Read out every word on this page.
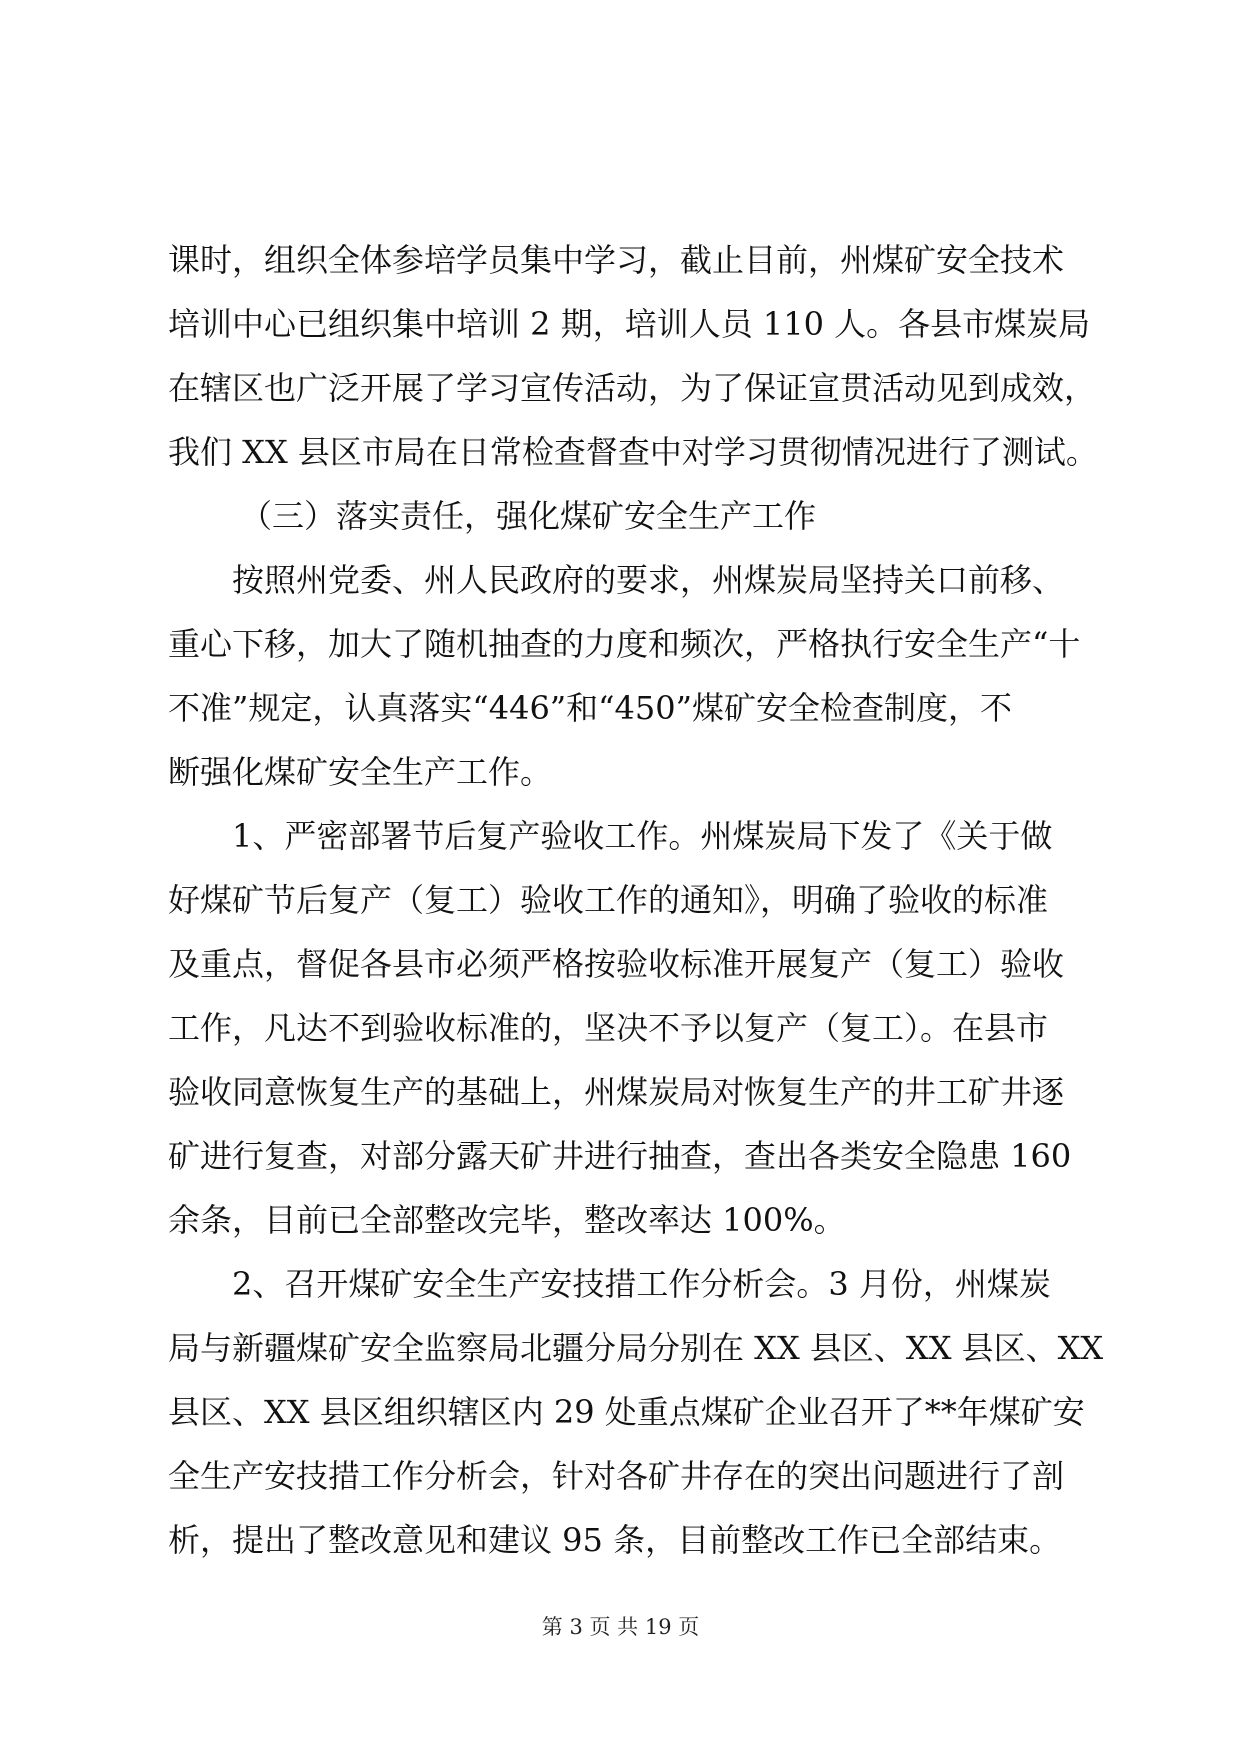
课时，组织全体参培学员集中学习，截止目前，州煤矿安全技术
培训中心已组织集中培训 2 期，培训人员 110 人。各县市煤炭局
在辖区也广泛开展了学习宣传活动，为了保证宣贯活动见到成效，
我们 XX 县区市局在日常检查督查中对学习贯彻情况进行了测试。
（三）落实责任，强化煤矿安全生产工作
按照州党委、州人民政府的要求，州煤炭局坚持关口前移、
重心下移，加大了随机抽查的力度和频次，严格执行安全生产“十
不准”规定，认真落实“446”和“450”煤矿安全检查制度，不
断强化煤矿安全生产工作。
1、严密部署节后复产验收工作。州煤炭局下发了《关于做
好煤矿节后复产（复工）验收工作的通知》，明确了验收的标准
及重点，督促各县市必须严格按验收标准开展复产（复工）验收
工作，凡达不到验收标准的，坚决不予以复产（复工）。在县市
验收同意恢复生产的基础上，州煤炭局对恢复生产的井工矿井逐
矿进行复查，对部分露天矿井进行抽查，查出各类安全隐患 160
余条，目前已全部整改完毕，整改率达 100%。
2、召开煤矿安全生产安技措工作分析会。3 月份，州煤炭
局与新疆煤矿安全监察局北疆分局分别在 XX 县区、XX 县区、XX
县区、XX 县区组织辖区内 29 处重点煤矿企业召开了**年煤矿安
全生产安技措工作分析会，针对各矿井存在的突出问题进行了剖
析，提出了整改意见和建议 95 条，目前整改工作已全部结束。
第 3 页 共 19 页
